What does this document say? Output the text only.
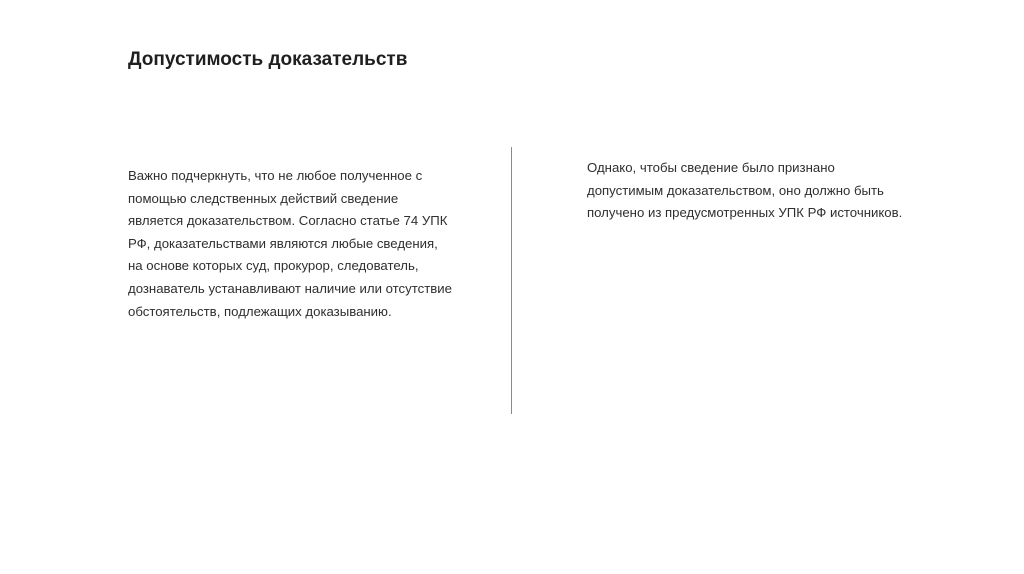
Допустимость доказательств
Важно подчеркнуть, что не любое полученное с
помощью следственных действий сведение
является доказательством. Согласно статье 74 УПК
РФ, доказательствами являются любые сведения,
на основе которых суд, прокурор, следователь,
дознаватель устанавливают наличие или отсутствие
обстоятельств, подлежащих доказыванию.
Однако, чтобы сведение было признано
допустимым доказательством, оно должно быть
получено из предусмотренных УПК РФ источников.
